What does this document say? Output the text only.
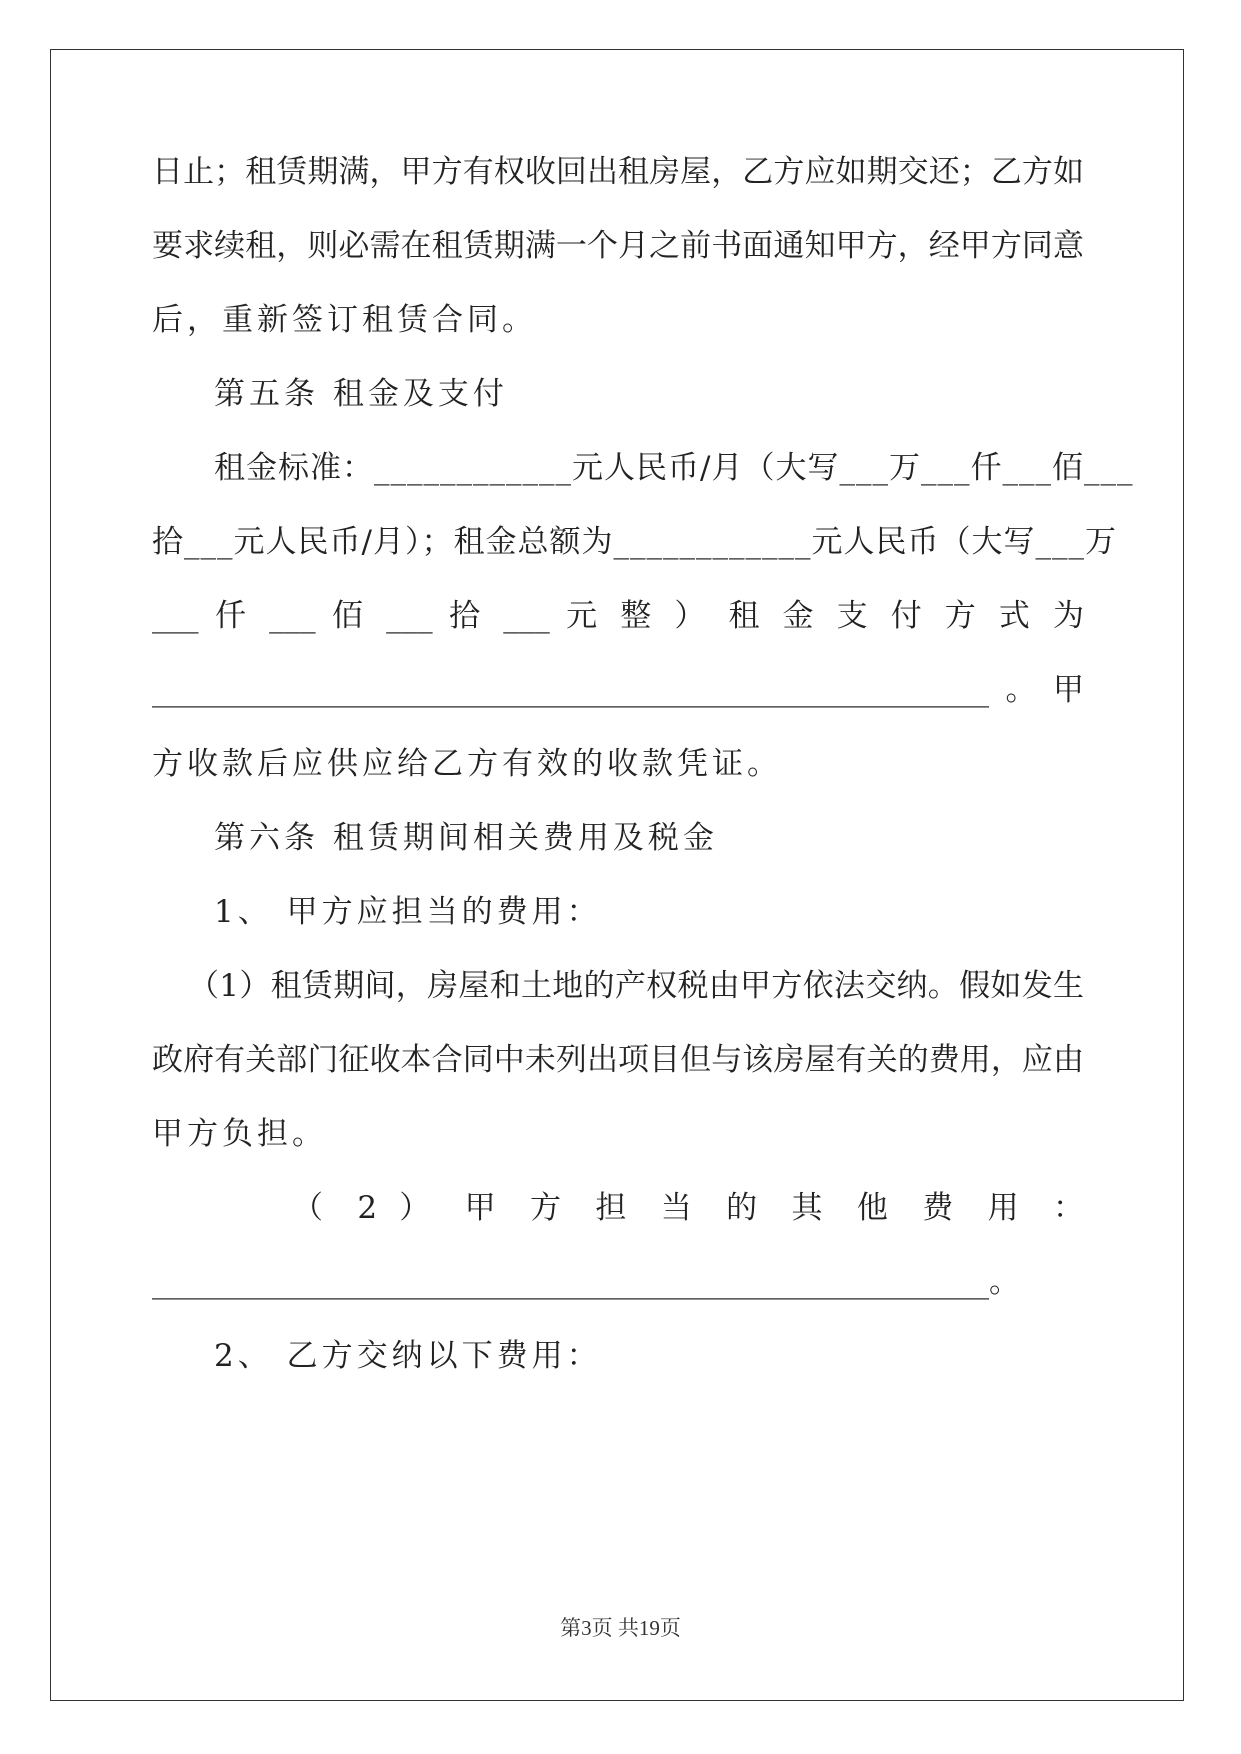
日止；租赁期满，甲方有权收回出租房屋，乙方应如期交还；乙方如
要求续租，则必需在租赁期满一个月之前书面通知甲方，经甲方同意
后，重新签订租赁合同。
第五条 租金及支付
租金标准：____________元人民币/月（大写___万___仟___佰___
拾___元人民币/月）；租金总额为____________元人民币（大写___万
___ 仟 ___ 佰 ___ 拾 ___ 元 整 ） 租 金 支 付 方 式 为
______________________________________________________。甲
方收款后应供应给乙方有效的收款凭证。
第六条 租赁期间相关费用及税金
1、 甲方应担当的费用：
（1）租赁期间，房屋和土地的产权税由甲方依法交纳。假如发生
政府有关部门征收本合同中未列出项目但与该房屋有关的费用，应由
甲方负担。
（ 2 ） 甲 方 担 当 的 其 他 费 用 ：
______________________________________________________。
2、 乙方交纳以下费用：
第3页 共19页
